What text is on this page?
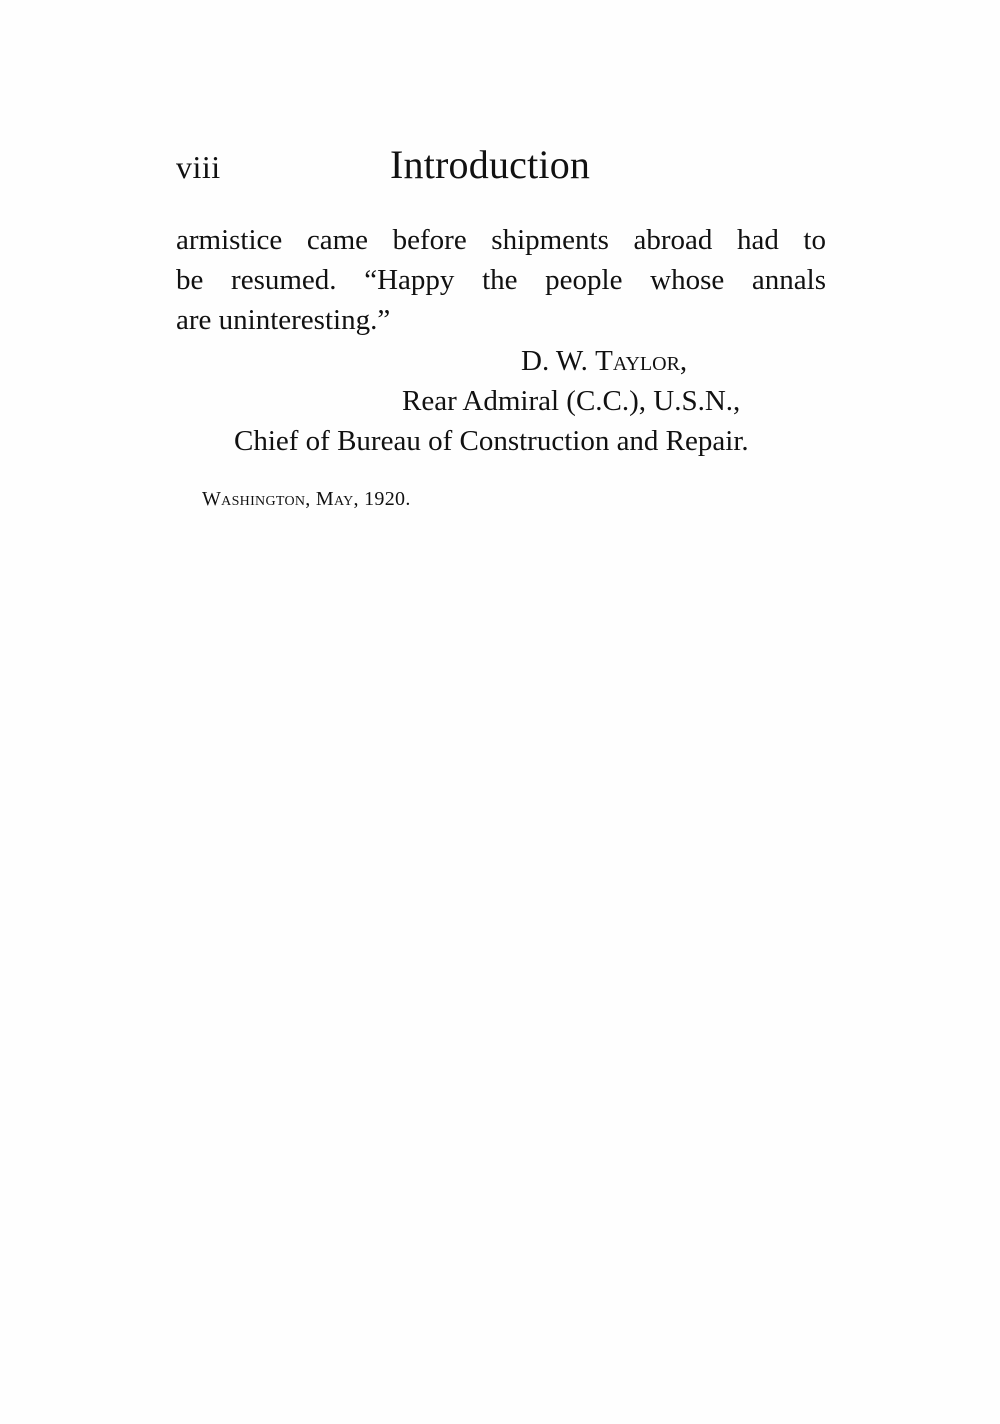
viii	Introduction
armistice came before shipments abroad had to
be resumed. “Happy the people whose annals
are uninteresting.”
D. W. Taylor,
Rear Admiral (C.C.), U.S.N.,
Chief of Bureau of Construction and Repair.
Washington, May, 1920.
